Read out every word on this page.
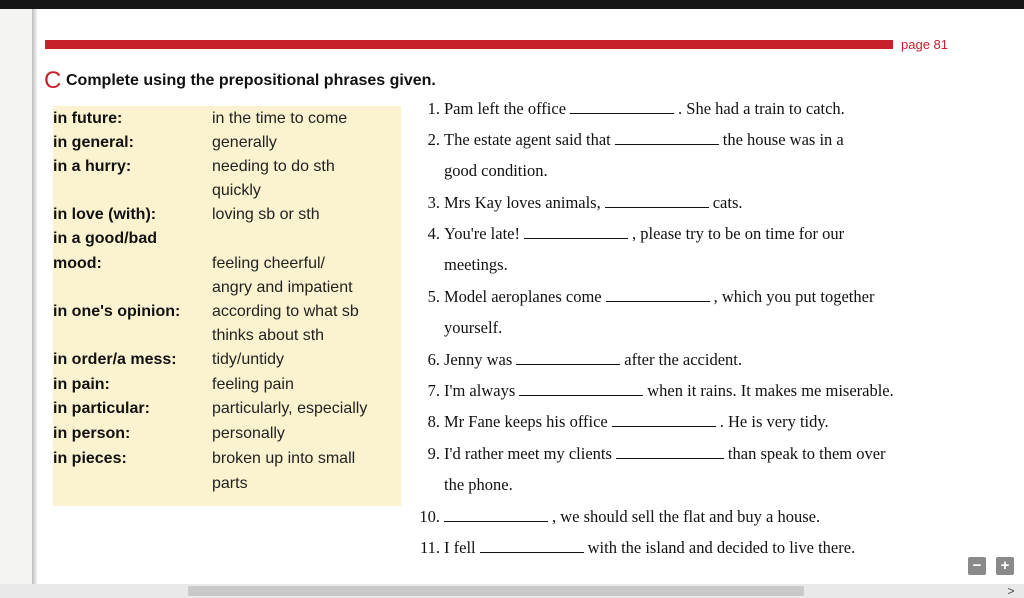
page 81
C Complete using the prepositional phrases given.
in future:	in the time to come
in general:	generally
in a hurry:	needing to do sth
quickly
in love (with):	loving sb or sth
in a good/bad
mood:	feeling cheerful/
angry and impatient
in one's opinion: according to what sb
thinks about sth
in order/a mess: tidy/untidy
in pain:	feeling pain
in particular:	particularly, especially
in person:	personally
in pieces:	broken up into small
parts
1. Pam left the office	. She had a train to catch.
2. The estate agent said that	the house was in a
good condition.
3. Mrs Kay loves animals,	cats.
4. You're late!	, please try to be on time for our
meetings.
5. Model aeroplanes come	, which you put together
yourself.
6. Jenny was	after the accident.
7. I'm always	when it rains. It makes me miserable.
8. Mr Fane keeps his office	. He is very tidy.
9. I'd rather meet my clients	than speak to them over
the phone.
10.	, we should sell the flat and buy a house.
11. I fell	with the island and decided to live there.
−	+
>
